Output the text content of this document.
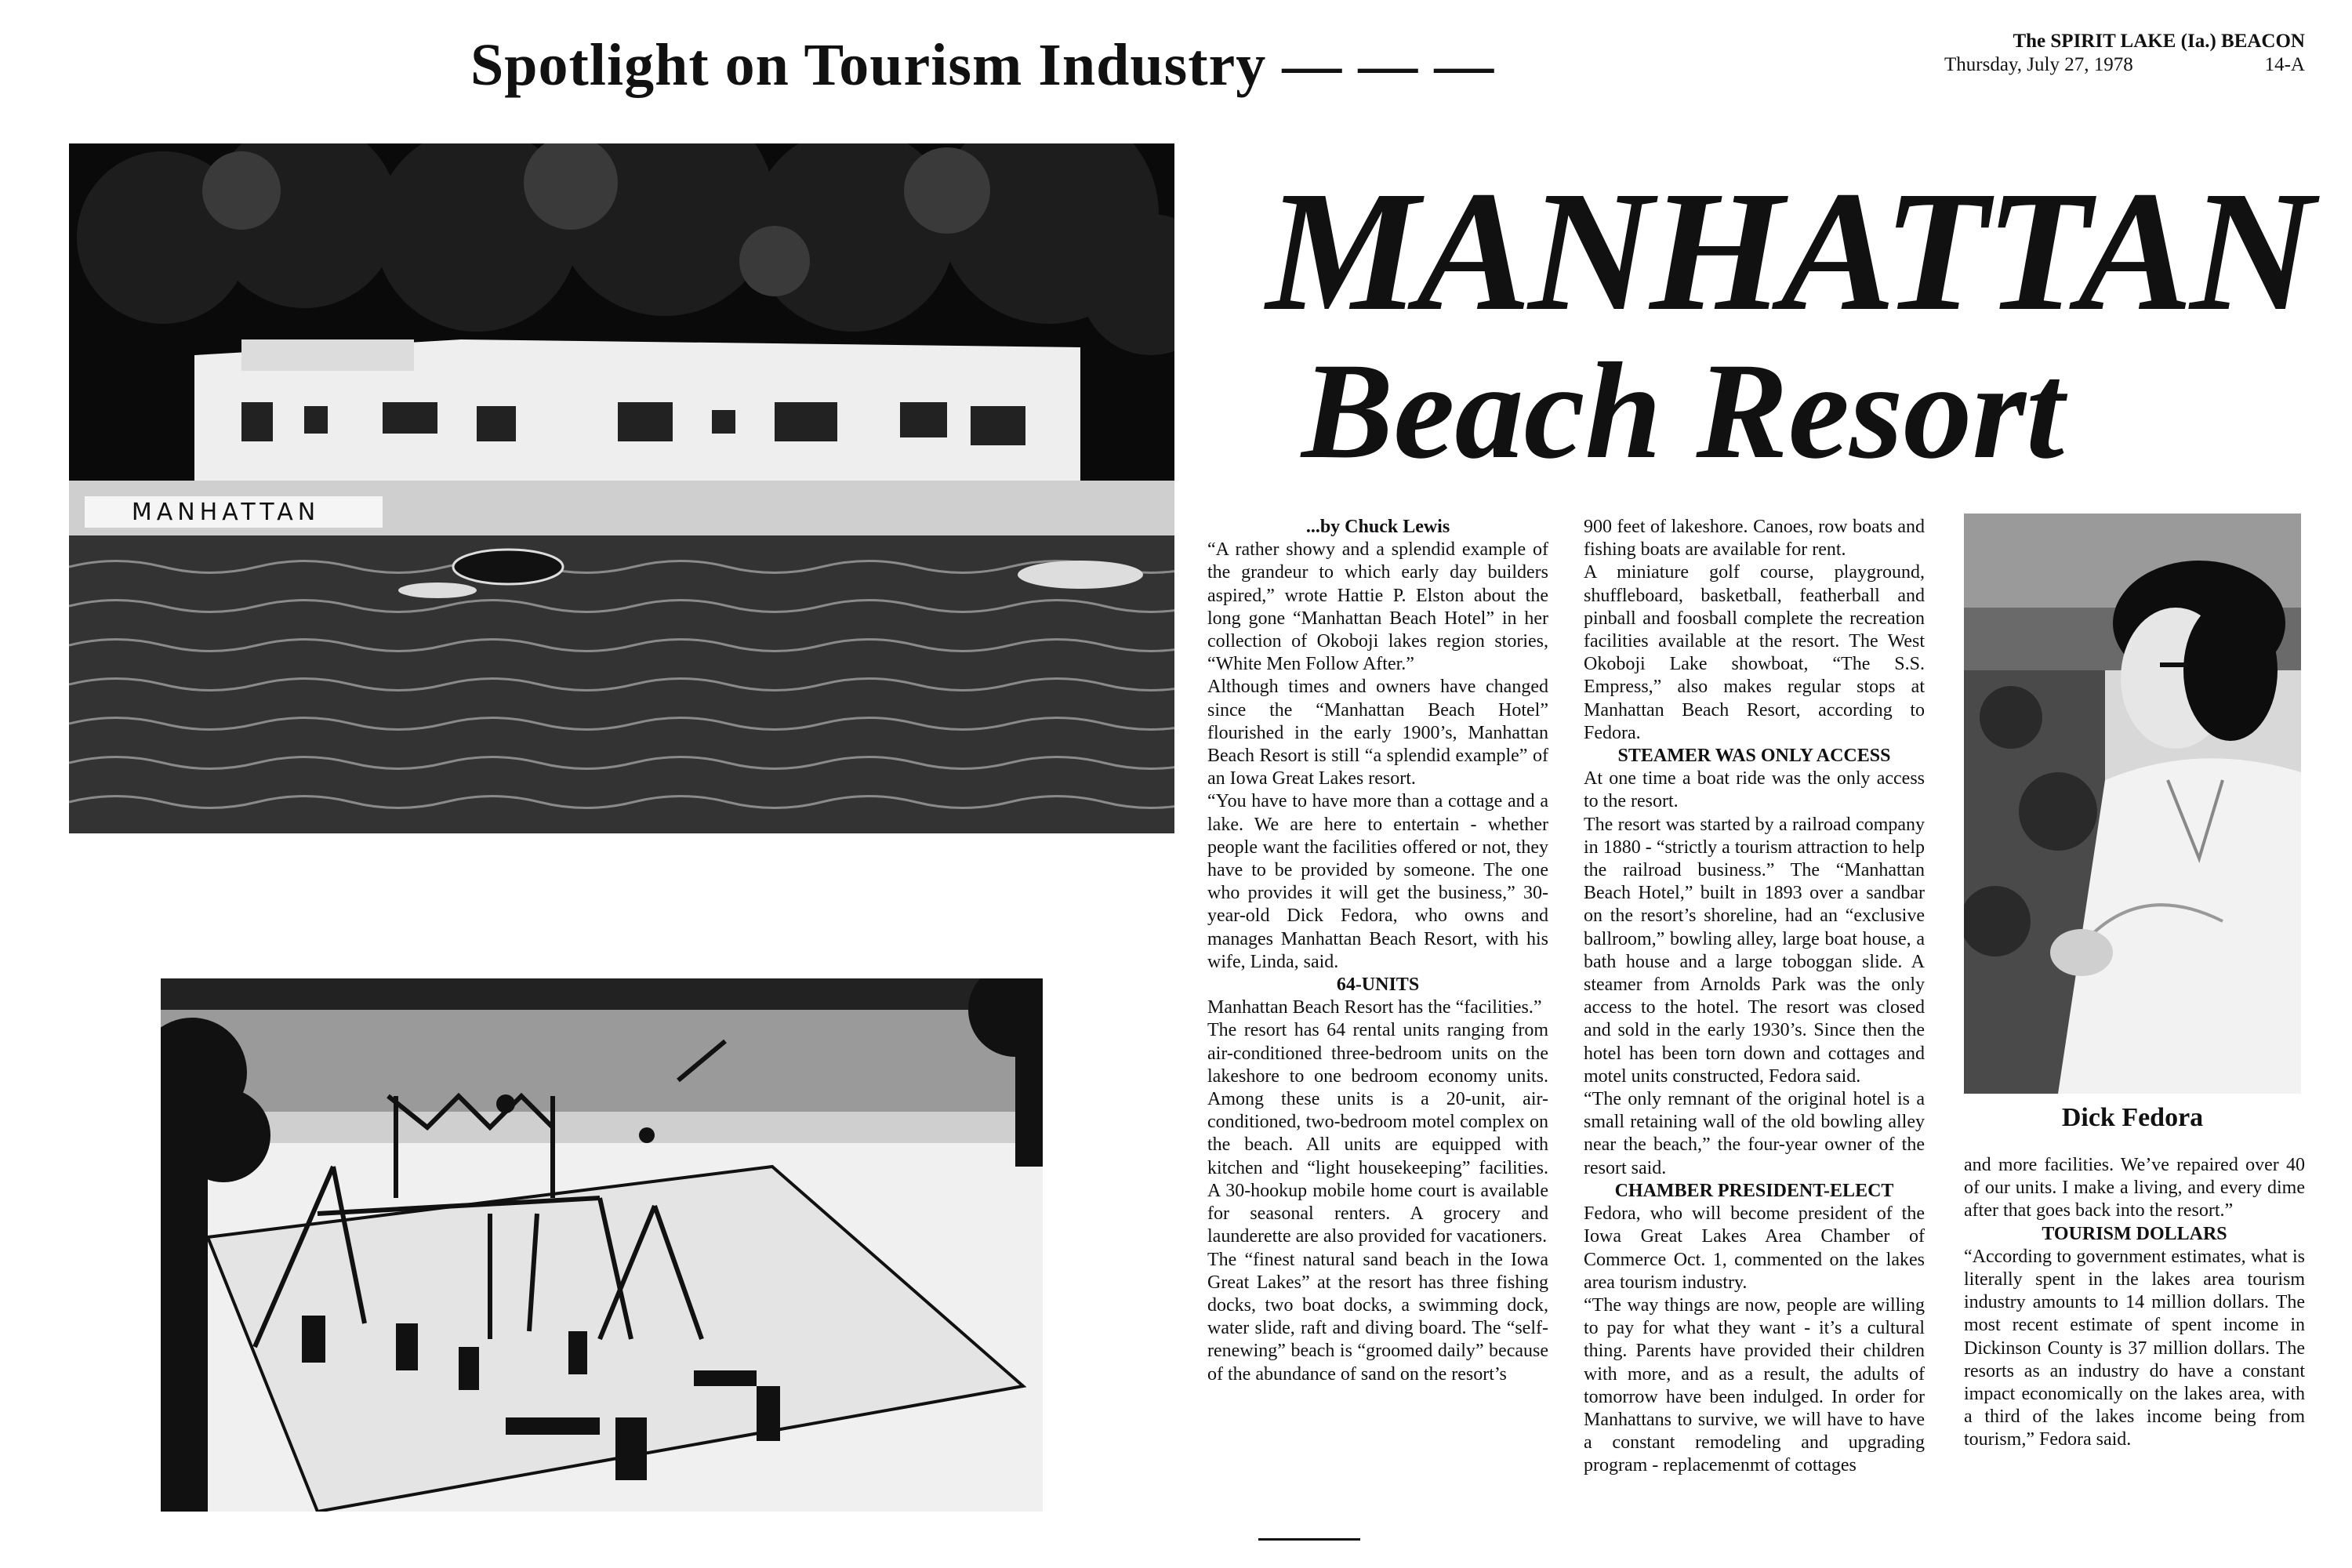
Spotlight on Tourism Industry — — —	The SPIRIT LAKE (Ia.) BEACON
Thursday, July 27, 1978	14-A
MANHATTAN
Beach Resort
MANHATTAN
Dick Fedora

...by Chuck Lewis

“A rather showy and a splendid example of the grandeur to which early day builders aspired,” wrote Hattie P. Elston about the long gone “Manhattan Beach Hotel” in her collection of Okoboji lakes region stories, “White Men Follow After.”

Although times and owners have changed since the “Manhattan Beach Hotel” flourished in the early 1900’s, Manhattan Beach Resort is still “a splendid example” of an Iowa Great Lakes resort.

“You have to have more than a cottage and a lake. We are here to entertain - whether people want the facilities offered or not, they have to be provided by someone. The one who provides it will get the business,” 30-year-old Dick Fedora, who owns and manages Manhattan Beach Resort, with his wife, Linda, said.

64-UNITS

Manhattan Beach Resort has the “facilities.”

The resort has 64 rental units ranging from air-conditioned three-bedroom units on the lakeshore to one bedroom economy units. Among these units is a 20-unit, air-conditioned, two-bedroom motel complex on the beach. All units are equipped with kitchen and “light housekeeping” facilities. A 30-hookup mobile home court is available for seasonal renters. A grocery and launderette are also provided for vacationers.

The “finest natural sand beach in the Iowa Great Lakes” at the resort has three fishing docks, two boat docks, a swimming dock, water slide, raft and diving board. The “self-renewing” beach is “groomed daily” because of the abundance of sand on the resort’s

900 feet of lakeshore. Canoes, row boats and fishing boats are available for rent.

A miniature golf course, playground, shuffleboard, basketball, featherball and pinball and foosball complete the recreation facilities available at the resort. The West Okoboji Lake showboat, “The S.S. Empress,” also makes regular stops at Manhattan Beach Resort, according to Fedora.

STEAMER WAS ONLY ACCESS

At one time a boat ride was the only access to the resort.

The resort was started by a railroad company in 1880 - “strictly a tourism attraction to help the railroad business.” The “Manhattan Beach Hotel,” built in 1893 over a sandbar on the resort’s shoreline, had an “exclusive ballroom,” bowling alley, large boat house, a bath house and a large toboggan slide. A steamer from Arnolds Park was the only access to the hotel. The resort was closed and sold in the early 1930’s. Since then the hotel has been torn down and cottages and motel units constructed, Fedora said.

“The only remnant of the original hotel is a small retaining wall of the old bowling alley near the beach,” the four-year owner of the resort said.

CHAMBER PRESIDENT-ELECT

Fedora, who will become president of the Iowa Great Lakes Area Chamber of Commerce Oct. 1, commented on the lakes area tourism industry.

“The way things are now, people are willing to pay for what they want - it’s a cultural thing. Parents have provided their children with more, and as a result, the adults of tomorrow have been indulged. In order for Manhattans to survive, we will have to have a constant remodeling and upgrading program - replacemenmt of cottages

and more facilities. We’ve repaired over 40 of our units. I make a living, and every dime after that goes back into the resort.”

TOURISM DOLLARS

“According to government estimates, what is literally spent in the lakes area tourism industry amounts to 14 million dollars. The most recent estimate of spent income in Dickinson County is 37 million dollars. The resorts as an industry do have a constant impact economically on the lakes area, with a third of the lakes income being from tourism,” Fedora said.
